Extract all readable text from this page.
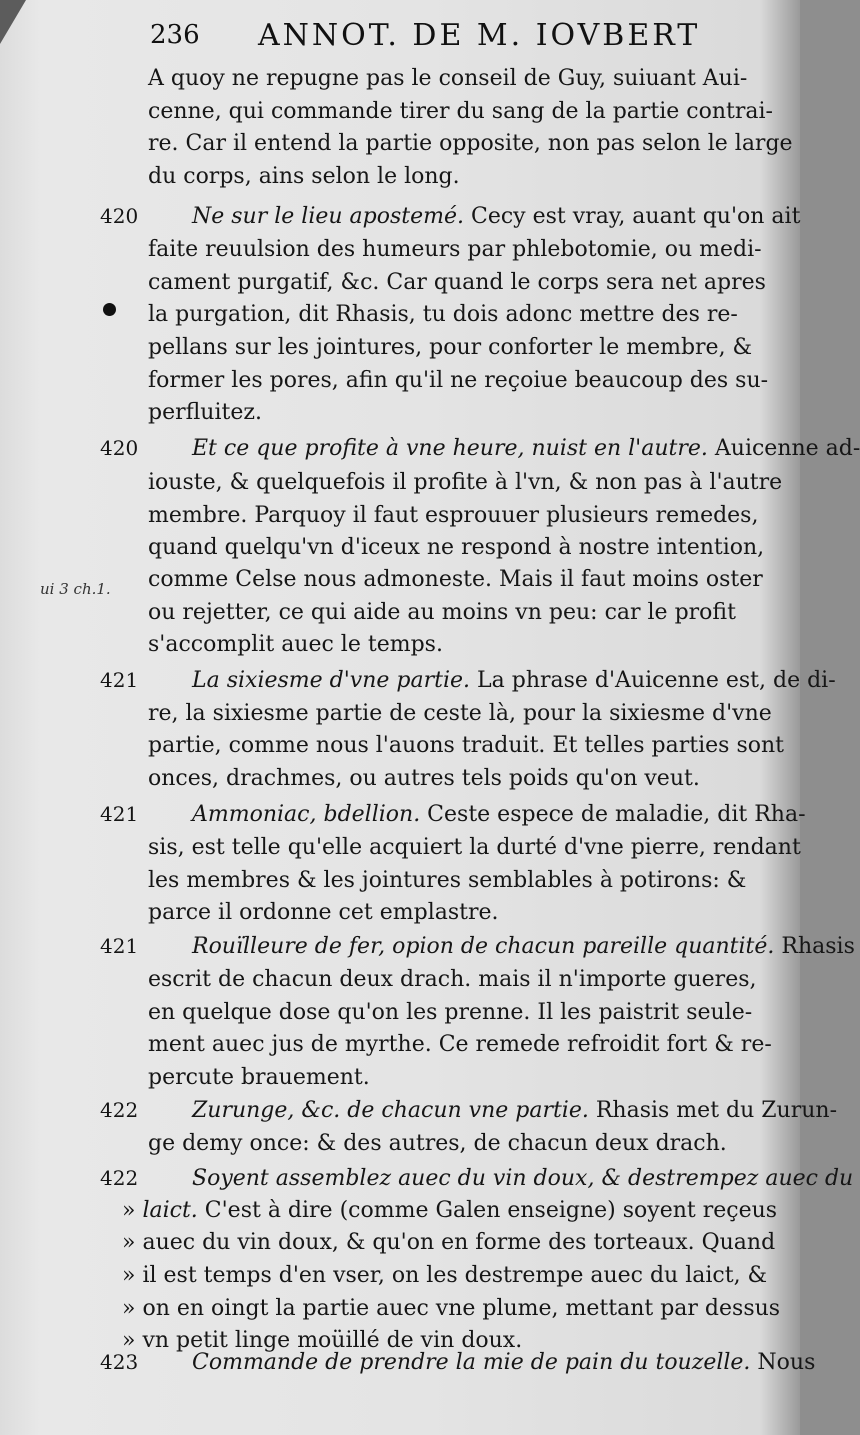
236 ANNOT. DE M. IOVBERT
ui 3 ch.1.
A quoy ne repugne pas le conseil de Guy, suiuant Aui-
cenne, qui commande tirer du sang de la partie contrai-
re. Car il entend la partie opposite, non pas selon le large
du corps, ains selon le long.
420 Ne sur le lieu apostemé. Cecy est vray, auant qu'on ait
faite reuulsion des humeurs par phlebotomie, ou medi-
cament purgatif, &c. Car quand le corps sera net apres
la purgation, dit Rhasis, tu dois adonc mettre des re-
pellans sur les jointures, pour conforter le membre, &
former les pores, afin qu'il ne reçoiue beaucoup des su-
perfluitez.
420 Et ce que profite à vne heure, nuist en l'autre. Auicenne ad-
iouste, & quelquefois il profite à l'vn, & non pas à l'autre
membre. Parquoy il faut esprouuer plusieurs remedes,
quand quelqu'vn d'iceux ne respond à nostre intention,
comme Celse nous admoneste. Mais il faut moins oster
ou rejetter, ce qui aide au moins vn peu: car le profit
s'accomplit auec le temps.
421 La sixiesme d'vne partie. La phrase d'Auicenne est, de di-
re, la sixiesme partie de ceste là, pour la sixiesme d'vne
partie, comme nous l'auons traduit. Et telles parties sont
onces, drachmes, ou autres tels poids qu'on veut.
421 Ammoniac, bdellion. Ceste espece de maladie, dit Rha-
sis, est telle qu'elle acquiert la durté d'vne pierre, rendant
les membres & les jointures semblables à potirons: &
parce il ordonne cet emplastre.
421 Rouïlleure de fer, opion de chacun pareille quantité. Rhasis
escrit de chacun deux drach. mais il n'importe gueres,
en quelque dose qu'on les prenne. Il les paistrit seule-
ment auec jus de myrthe. Ce remede refroidit fort & re-
percute brauement.
422 Zurunge, &c. de chacun vne partie. Rhasis met du Zurun-
ge demy once: & des autres, de chacun deux drach.
422 Soyent assemblez auec du vin doux, & destrempez auec du
» laict. C'est à dire (comme Galen enseigne) soyent reçeus
» auec du vin doux, & qu'on en forme des torteaux. Quand
» il est temps d'en vser, on les destrempe auec du laict, &
» on en oingt la partie auec vne plume, mettant par dessus
» vn petit linge moüillé de vin doux.
423 Commande de prendre la mie de pain du touzelle. Nous
